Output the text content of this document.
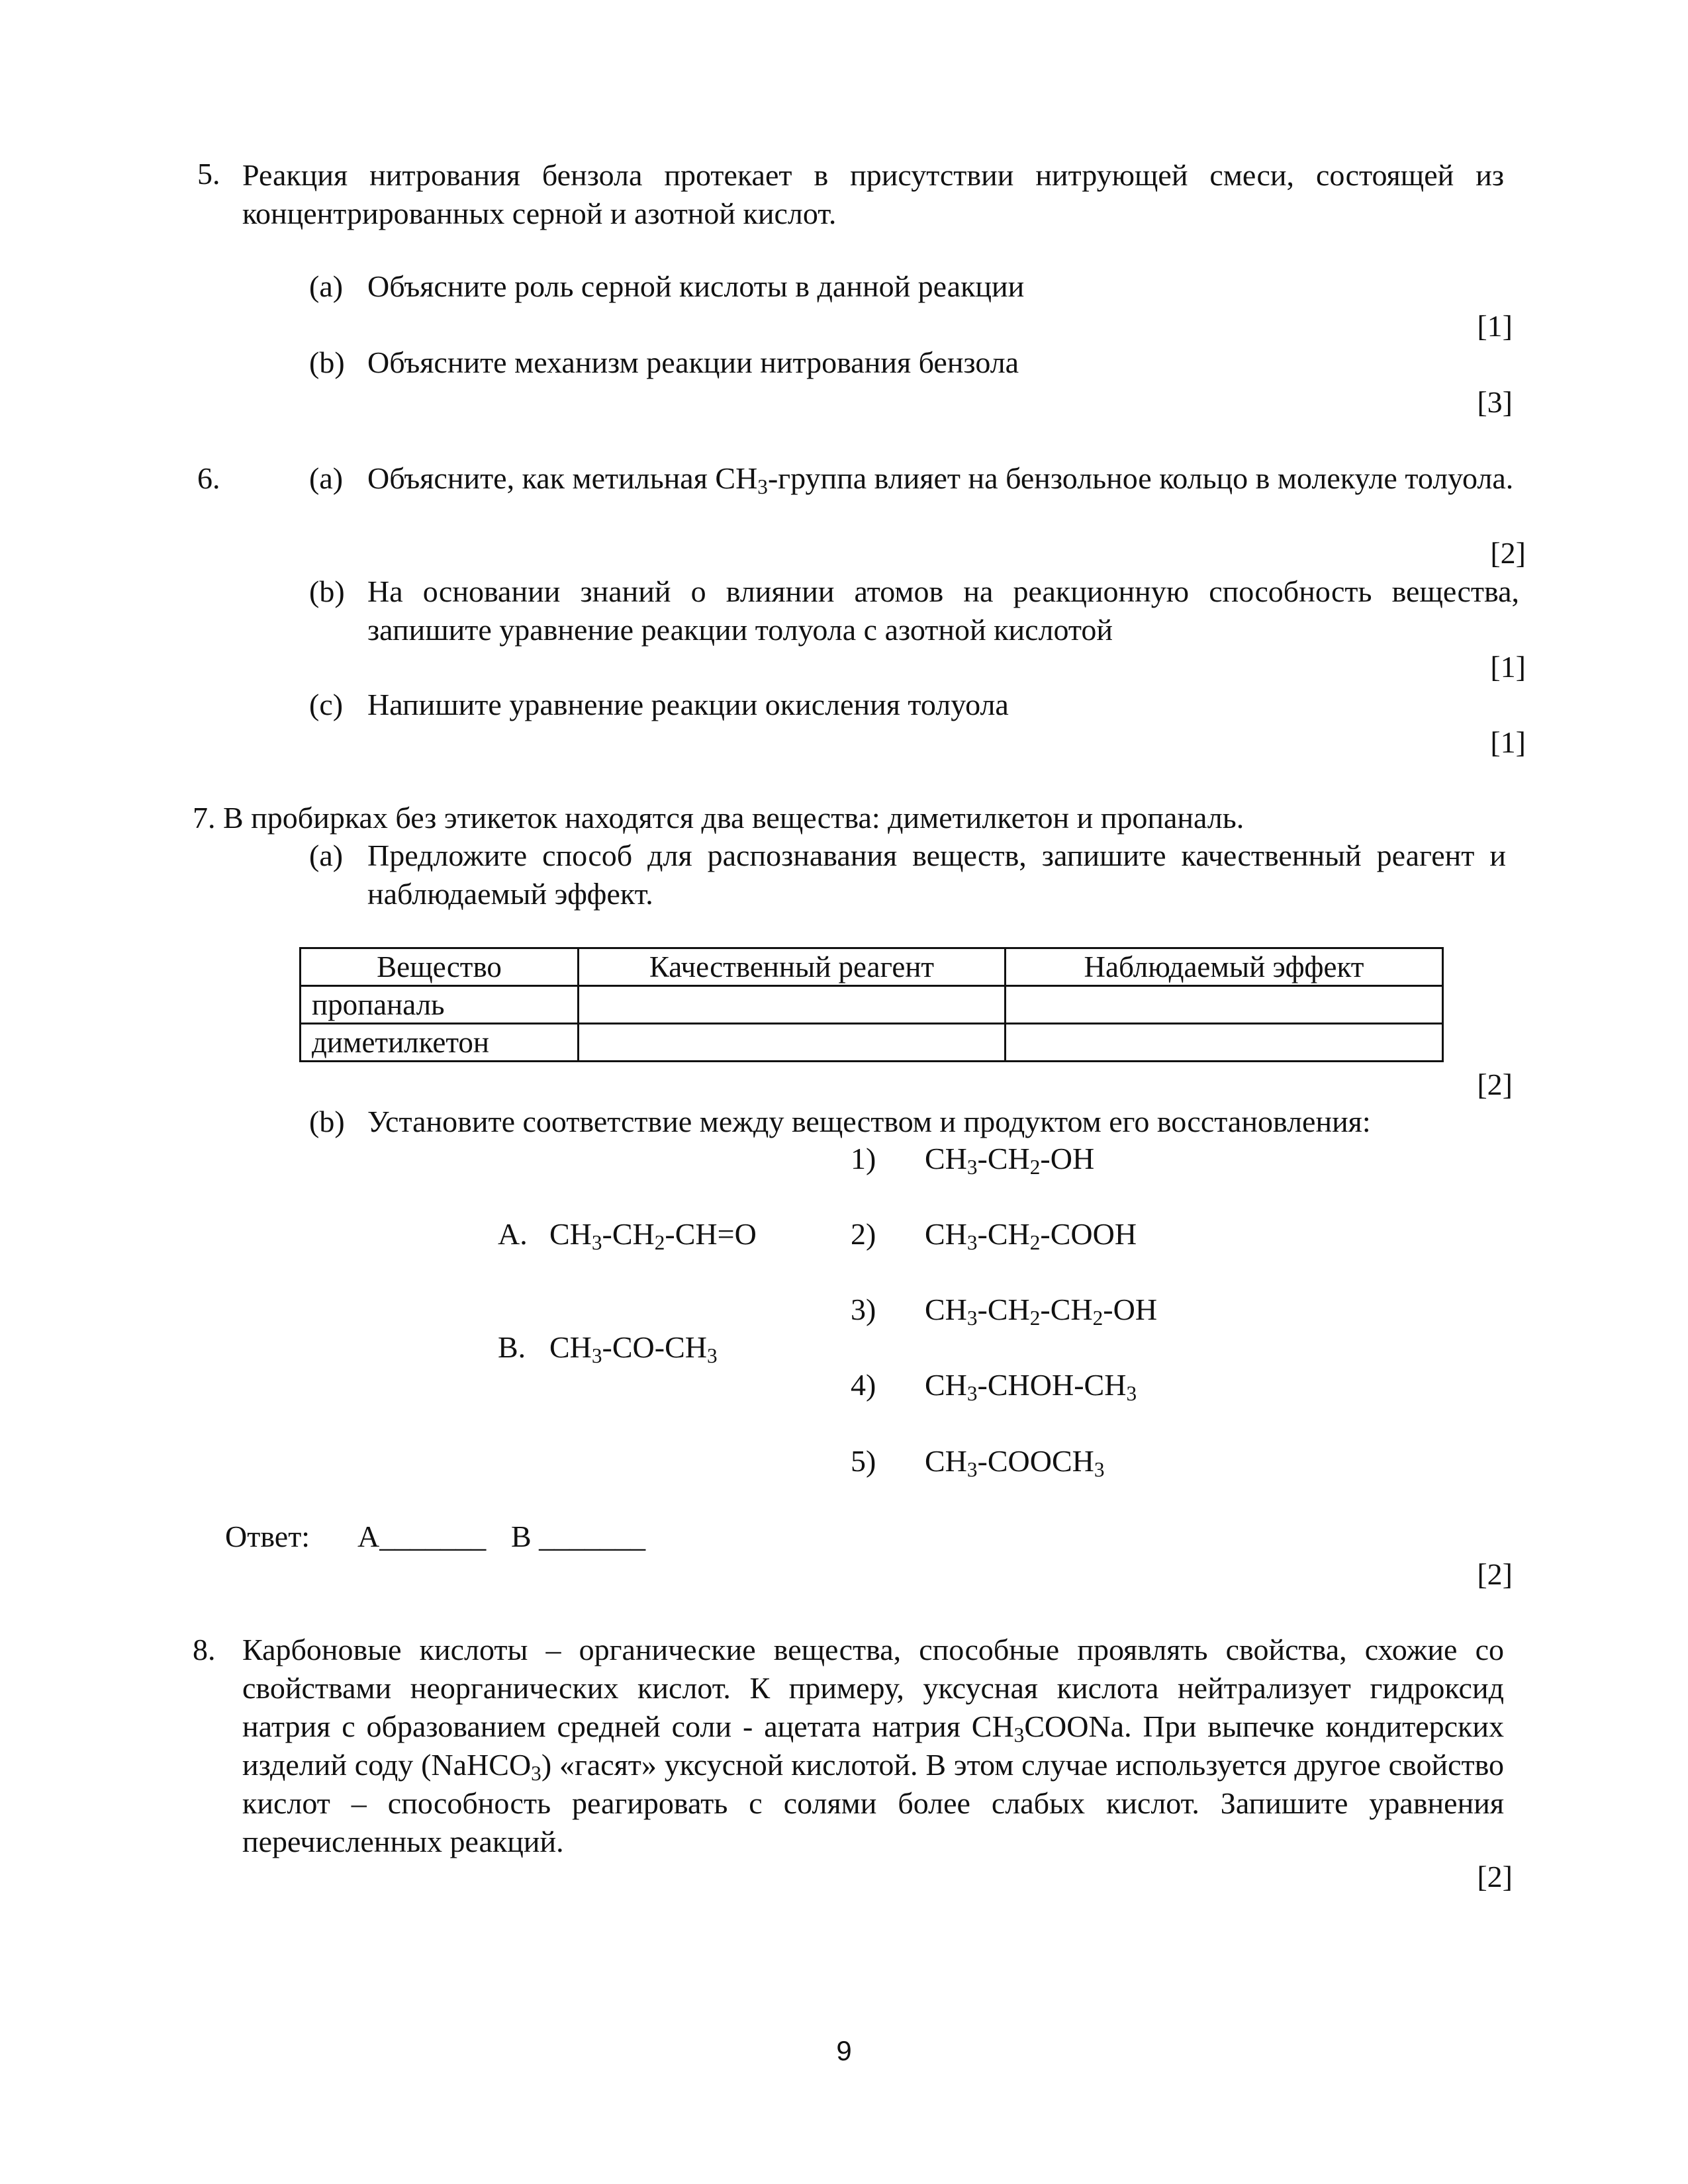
5. Реакция нитрования бензола протекает в присутствии нитрующей смеси, состоящей из концентрированных серной и азотной кислот.
(a) Объясните роль серной кислоты в данной реакции
[1]
(b) Объясните механизм реакции нитрования бензола
[3]
6.	(a) Объясните, как метильная $CH_3$-группа влияет на бензольное кольцо в молекуле толуола.
[2]
(b) На основании знаний о влиянии атомов на реакционную способность вещества, запишите уравнение реакции толуола с азотной кислотой
[1]
(c) Напишите уравнение реакции окисления толуола
[1]
7. В пробирках без этикеток находятся два вещества: диметилкетон и пропаналь.
(a) Предложите способ для распознавания веществ, запишите качественный реагент и наблюдаемый эффект.
Вещество	Качественный реагент	Наблюдаемый эффект
пропаналь		
диметилкетон		
[2]
(b) Установите соответствие между веществом и продуктом его восстановления:
A. $CH_3-CH_2-CH=O$
B. $CH_3-CO-CH_3$
1) $CH_3-CH_2-OH$
2) $CH_3-CH_2$-COOH
3) $CH_3-CH_2-CH_2-OH$
4) $CH_3-CHOH-CH_3$
5) $CH_3-COOCH_3$
Ответ: A_______ B _______
[2]
8. Карбоновые кислоты – органические вещества, способные проявлять свойства, схожие со свойствами неорганических кислот. К примеру, уксусная кислота нейтрализует гидроксид натрия с образованием средней соли - ацетата натрия $CH_3COONa$. При выпечке кондитерских изделий соду (NaHCO$_3$) «гасят» уксусной кислотой. В этом случае используется другое свойство кислот – способность реагировать с солями более слабых кислот. Запишите уравнения перечисленных реакций.
[2]
9
